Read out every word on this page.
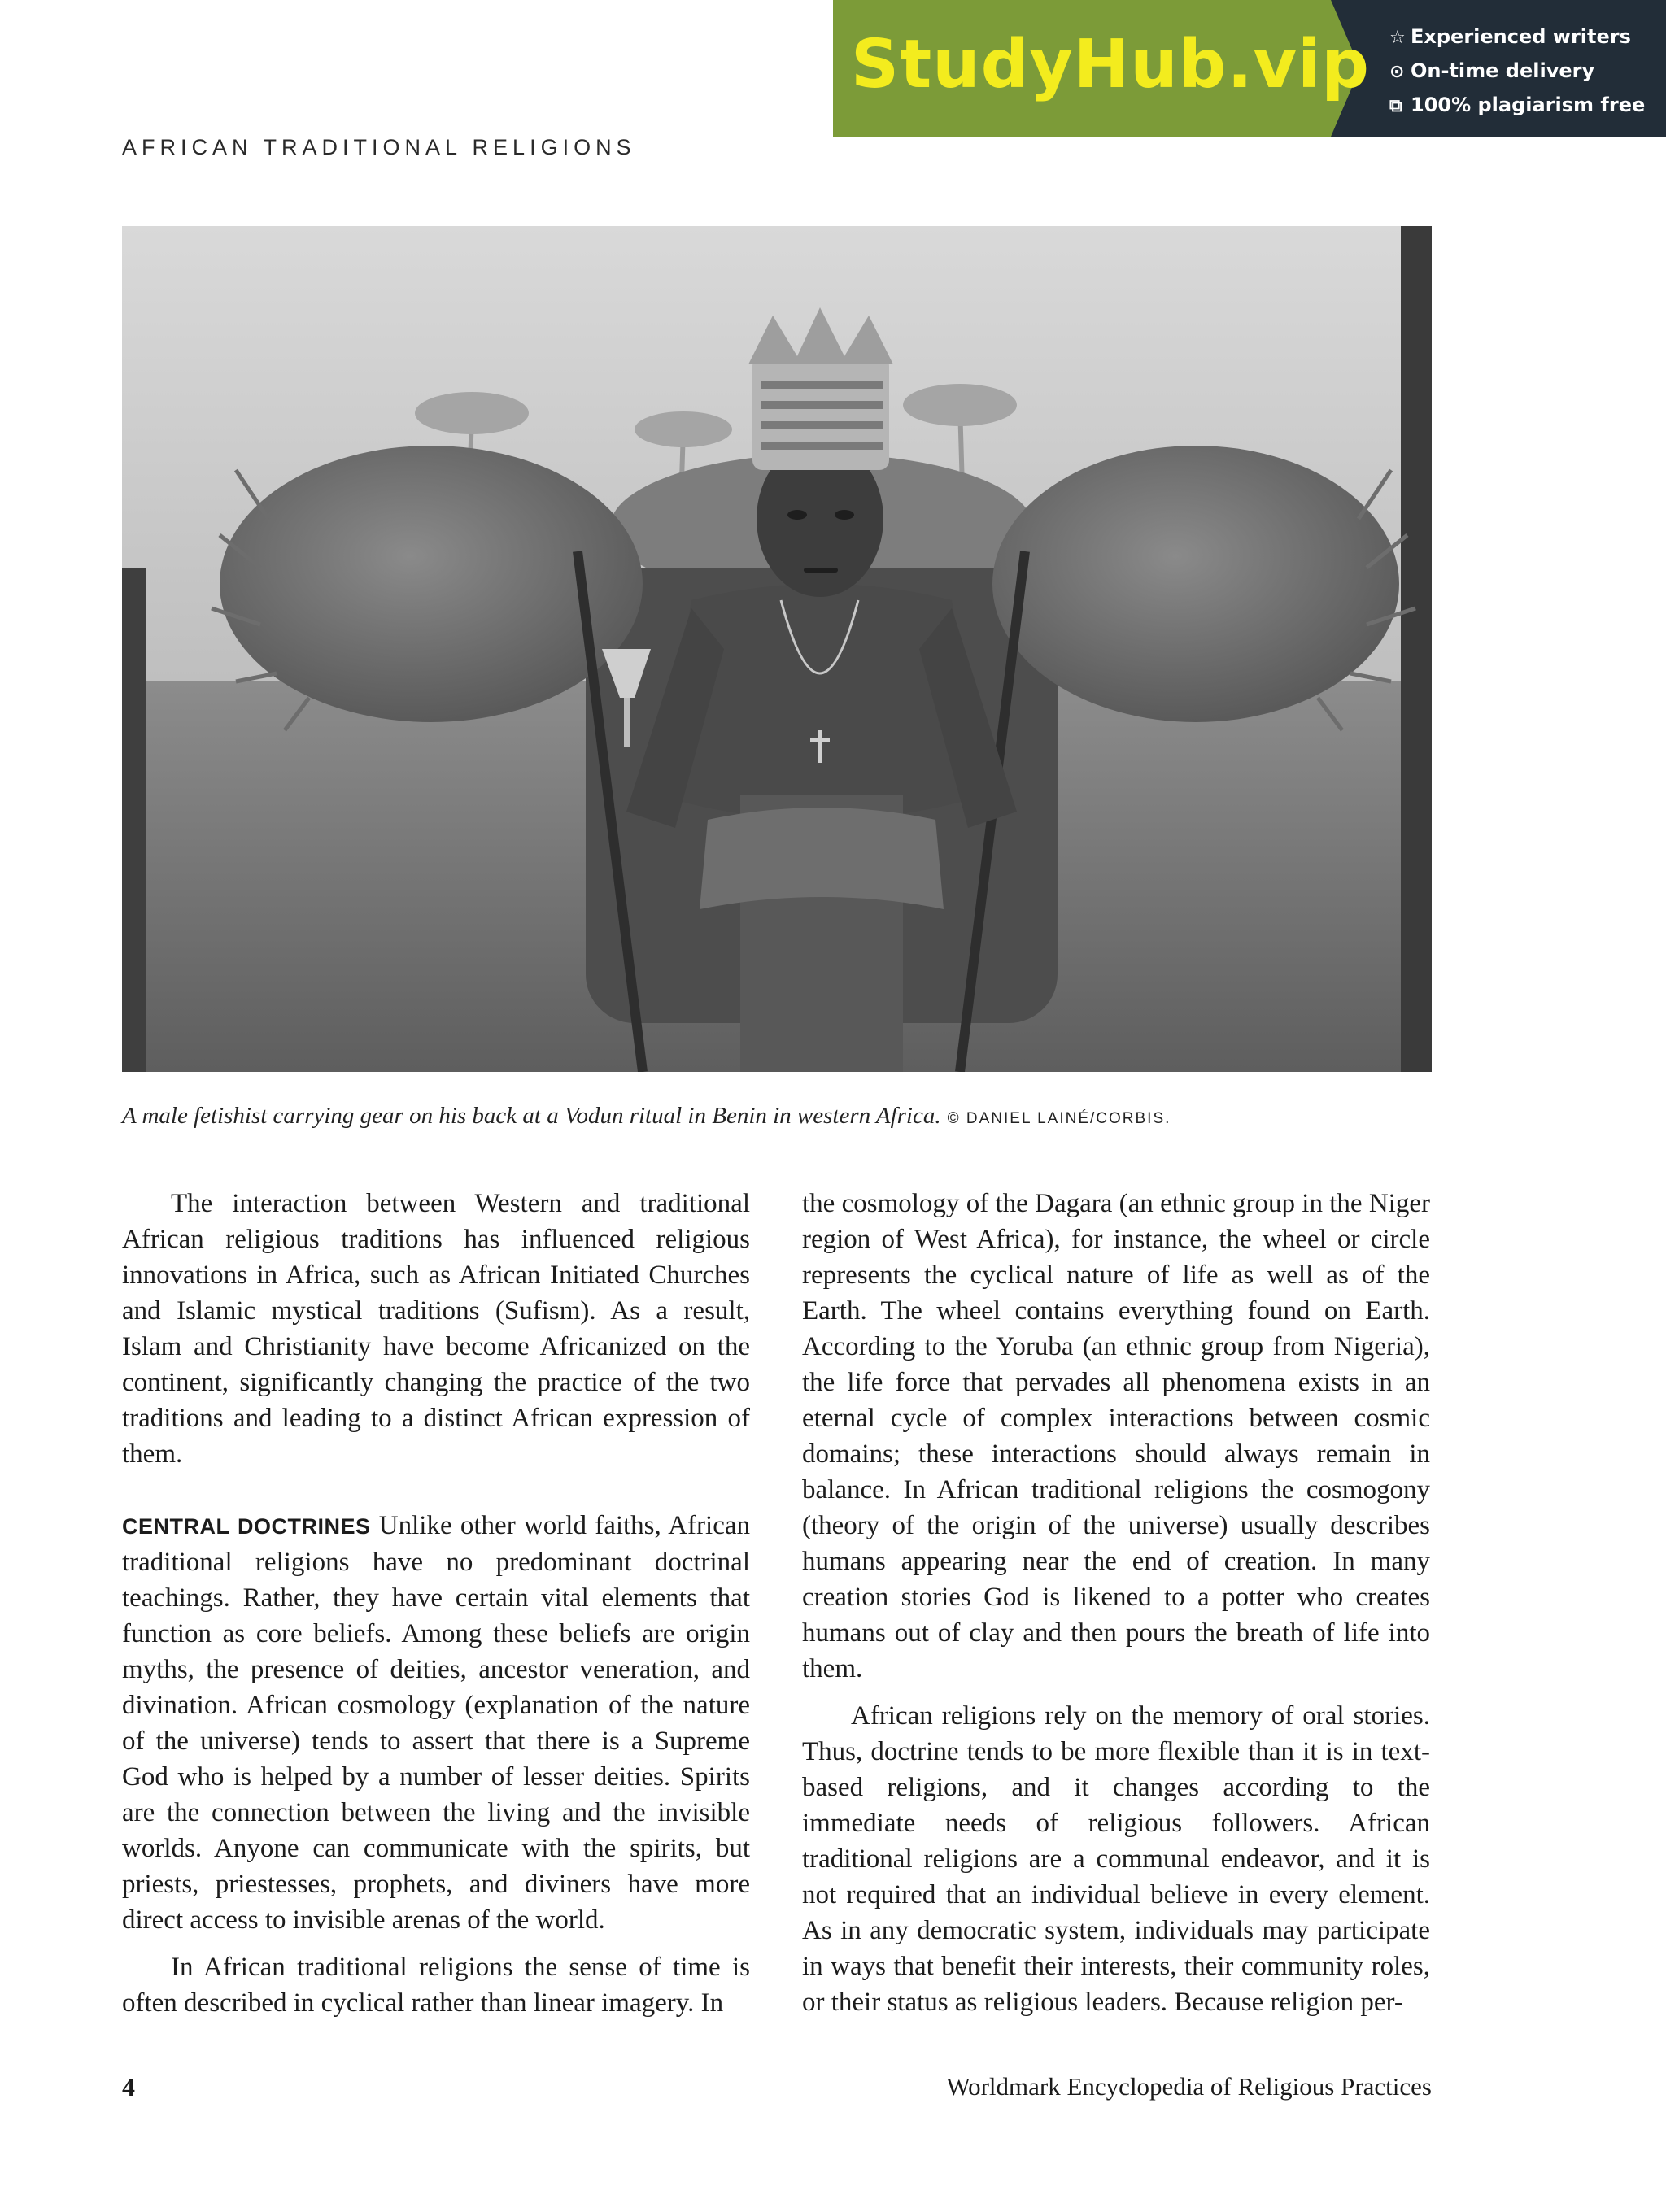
StudyHub.vip ☆ Experienced writers
⊙ On-time delivery
⧉ 100% plagiarism free
AFRICAN TRADITIONAL RELIGIONS
A male fetishist carrying gear on his back at a Vodun ritual in Benin in western Africa. © DANIEL LAINÉ/CORBIS.

The interaction between Western and traditional African religious traditions has influenced religious innovations in Africa, such as African Initiated Churches and Islamic mystical traditions (Sufism). As a result, Islam and Christianity have become Africanized on the continent, significantly changing the practice of the two traditions and leading to a distinct African expression of them.

CENTRAL DOCTRINES Unlike other world faiths, African traditional religions have no predominant doctrinal teachings. Rather, they have certain vital elements that function as core beliefs. Among these beliefs are origin myths, the presence of deities, ancestor veneration, and divination. African cosmology (explanation of the nature of the universe) tends to assert that there is a Supreme God who is helped by a number of lesser deities. Spirits are the connection between the living and the invisible worlds. Anyone can communicate with the spirits, but priests, priestesses, prophets, and diviners have more direct access to invisible arenas of the world.

In African traditional religions the sense of time is often described in cyclical rather than linear imagery. In

the cosmology of the Dagara (an ethnic group in the Niger region of West Africa), for instance, the wheel or circle represents the cyclical nature of life as well as of the Earth. The wheel contains everything found on Earth. According to the Yoruba (an ethnic group from Nigeria), the life force that pervades all phenomena exists in an eternal cycle of complex interactions between cosmic domains; these interactions should always remain in balance. In African traditional religions the cosmogony (theory of the origin of the universe) usually describes humans appearing near the end of creation. In many creation stories God is likened to a potter who creates humans out of clay and then pours the breath of life into them.

African religions rely on the memory of oral stories. Thus, doctrine tends to be more flexible than it is in text-based religions, and it changes according to the immediate needs of religious followers. African traditional religions are a communal endeavor, and it is not required that an individual believe in every element. As in any democratic system, individuals may participate in ways that benefit their interests, their community roles, or their status as religious leaders. Because religion per-

4	Worldmark Encyclopedia of Religious Practices
